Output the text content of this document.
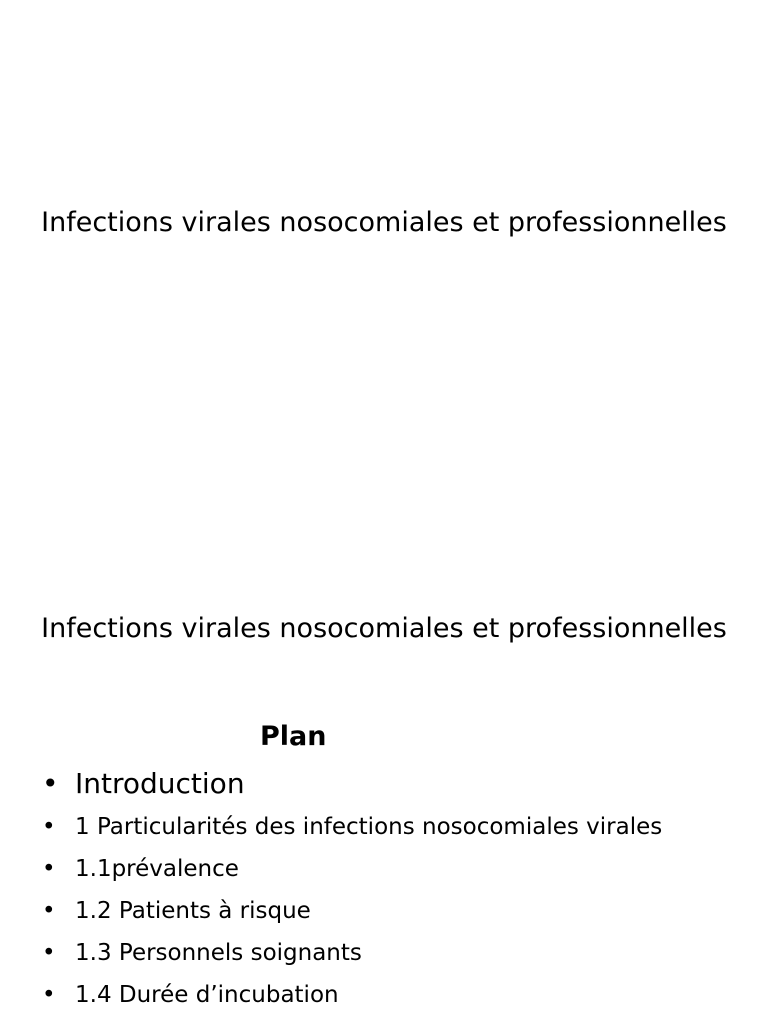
Infections virales nosocomiales et professionnelles
Infections virales nosocomiales et professionnelles
Plan
• Introduction
• 1 Particularités des infections nosocomiales virales
• 1.1prévalence
• 1.2 Patients à risque
• 1.3 Personnels soignants
• 1.4 Durée d’incubation
